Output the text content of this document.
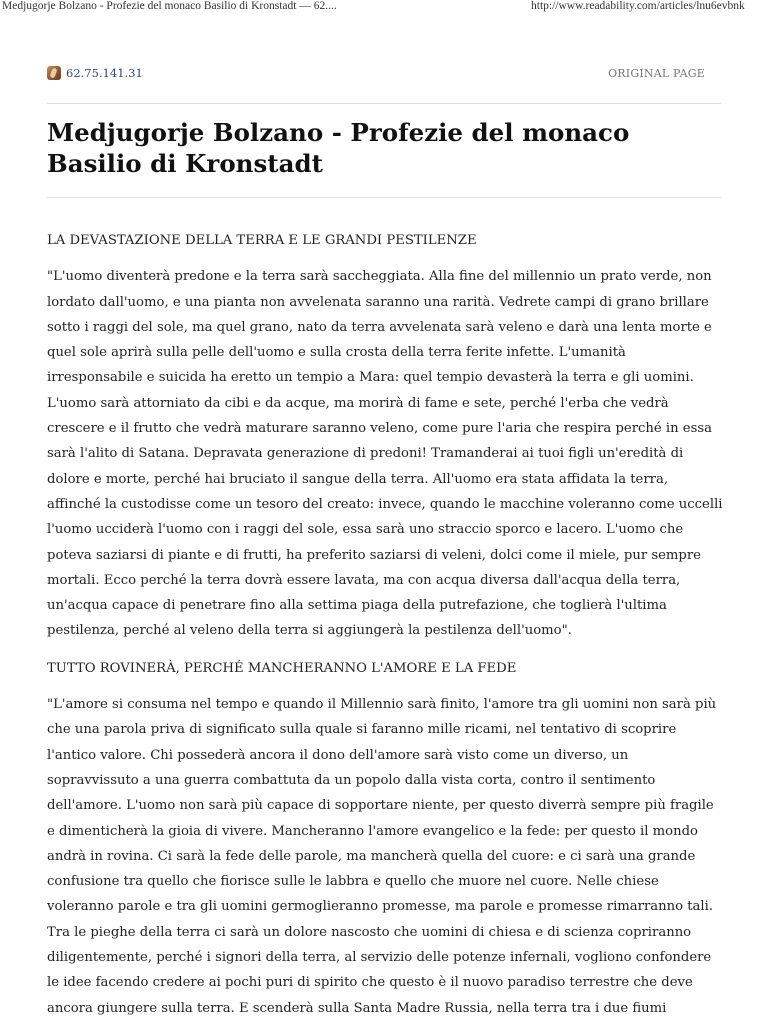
Medjugorje Bolzano - Profezie del monaco Basilio di Kronstadt — 62....	http://www.readability.com/articles/lnu6evbnk
62.75.141.31	ORIGINAL PAGE
Medjugorje Bolzano - Profezie del monaco Basilio di Kronstadt

LA DEVASTAZIONE DELLA TERRA E LE GRANDI PESTILENZE

"L'uomo diventerà predone e la terra sarà saccheggiata. Alla fine del millennio un prato verde, non lordato dall'uomo, e una pianta non avvelenata saranno una rarità. Vedrete campi di grano brillare sotto i raggi del sole, ma quel grano, nato da terra avvelenata sarà veleno e darà una lenta morte e quel sole aprirà sulla pelle dell'uomo e sulla crosta della terra ferite infette. L'umanità irresponsabile e suicida ha eretto un tempio a Mara: quel tempio devasterà la terra e gli uomini. L'uomo sarà attorniato da cibi e da acque, ma morirà di fame e sete, perché l'erba che vedrà crescere e il frutto che vedrà maturare saranno veleno, come pure l'aria che respira perché in essa sarà l'alito di Satana. Depravata generazione di predoni! Tramanderai ai tuoi figli un'eredità di dolore e morte, perché hai bruciato il sangue della terra. All'uomo era stata affidata la terra, affinché la custodisse come un tesoro del creato: invece, quando le macchine voleranno come uccelli l'uomo ucciderà l'uomo con i raggi del sole, essa sarà uno straccio sporco e lacero. L'uomo che poteva saziarsi di piante e di frutti, ha preferito saziarsi di veleni, dolci come il miele, pur sempre mortali. Ecco perché la terra dovrà essere lavata, ma con acqua diversa dall'acqua della terra, un'acqua capace di penetrare fino alla settima piaga della putrefazione, che toglierà l'ultima pestilenza, perché al veleno della terra si aggiungerà la pestilenza dell'uomo".

TUTTO ROVINERÀ, PERCHÉ MANCHERANNO L'AMORE E LA FEDE

"L'amore si consuma nel tempo e quando il Millennio sarà finito, l'amore tra gli uomini non sarà più che una parola priva di significato sulla quale si faranno mille ricami, nel tentativo di scoprire l'antico valore. Chi possederà ancora il dono dell'amore sarà visto come un diverso, un sopravvissuto a una guerra combattuta da un popolo dalla vista corta, contro il sentimento dell'amore. L'uomo non sarà più capace di sopportare niente, per questo diverrà sempre più fragile e dimenticherà la gioia di vivere. Mancheranno l'amore evangelico e la fede: per questo il mondo andrà in rovina. Ci sarà la fede delle parole, ma mancherà quella del cuore: e ci sarà una grande confusione tra quello che fiorisce sulle le labbra e quello che muore nel cuore. Nelle chiese voleranno parole e tra gli uomini germoglieranno promesse, ma parole e promesse rimarranno tali. Tra le pieghe della terra ci sarà un dolore nascosto che uomini di chiesa e di scienza copriranno diligentemente, perché i signori della terra, al servizio delle potenze infernali, vogliono confondere le idee facendo credere ai pochi puri di spirito che questo è il nuovo paradiso terrestre che deve ancora giungere sulla terra. E scenderà sulla Santa Madre Russia, nella terra tra i due fiumi
